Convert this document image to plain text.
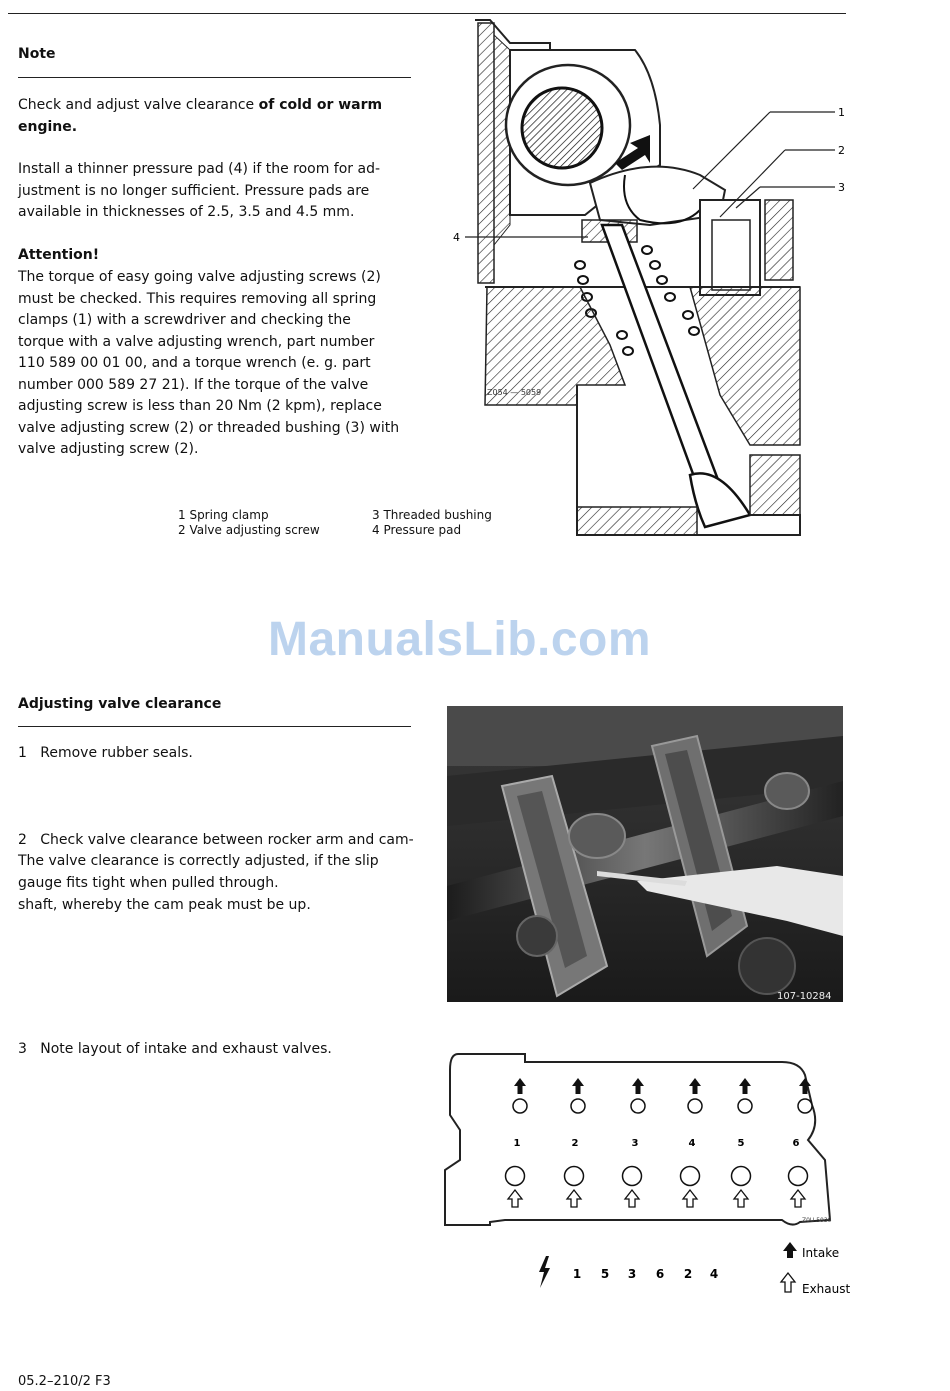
Note
Check and adjust valve clearance of cold or warm engine.
Install a thinner pressure pad (4) if the room for ad-
justment is no longer sufficient. Pressure pads are
available in thicknesses of 2.5, 3.5 and 4.5 mm.
Attention!
The torque of easy going valve adjusting screws (2)
must be checked. This requires removing all spring
clamps (1) with a screwdriver and checking the
torque with a valve adjusting wrench, part number
110 589 00 01 00, and a torque wrench (e. g. part
number 000 589 27 21). If the torque of the valve
adjusting screw is less than 20 Nm (2 kpm), replace
valve adjusting screw (2) or threaded bushing (3) with
valve adjusting screw (2).
1
2
3
4
Z054 — 5059
1 Spring clamp
2 Valve adjusting screw
3 Threaded bushing
4 Pressure pad
ManualsLib.com
Adjusting valve clearance
1   Remove rubber seals.

2   Check valve clearance between rocker arm and cam-

shaft, whereby the cam peak must be up.

The valve clearance is correctly adjusted, if the slip
gauge fits tight when pulled through.
107-10284
3   Note layout of intake and exhaust valves.
1	2	3	4	5	6
Z0U 5039
Intake
Exhaust
1 5 3 6 2 4
05.2–210/2 F3
